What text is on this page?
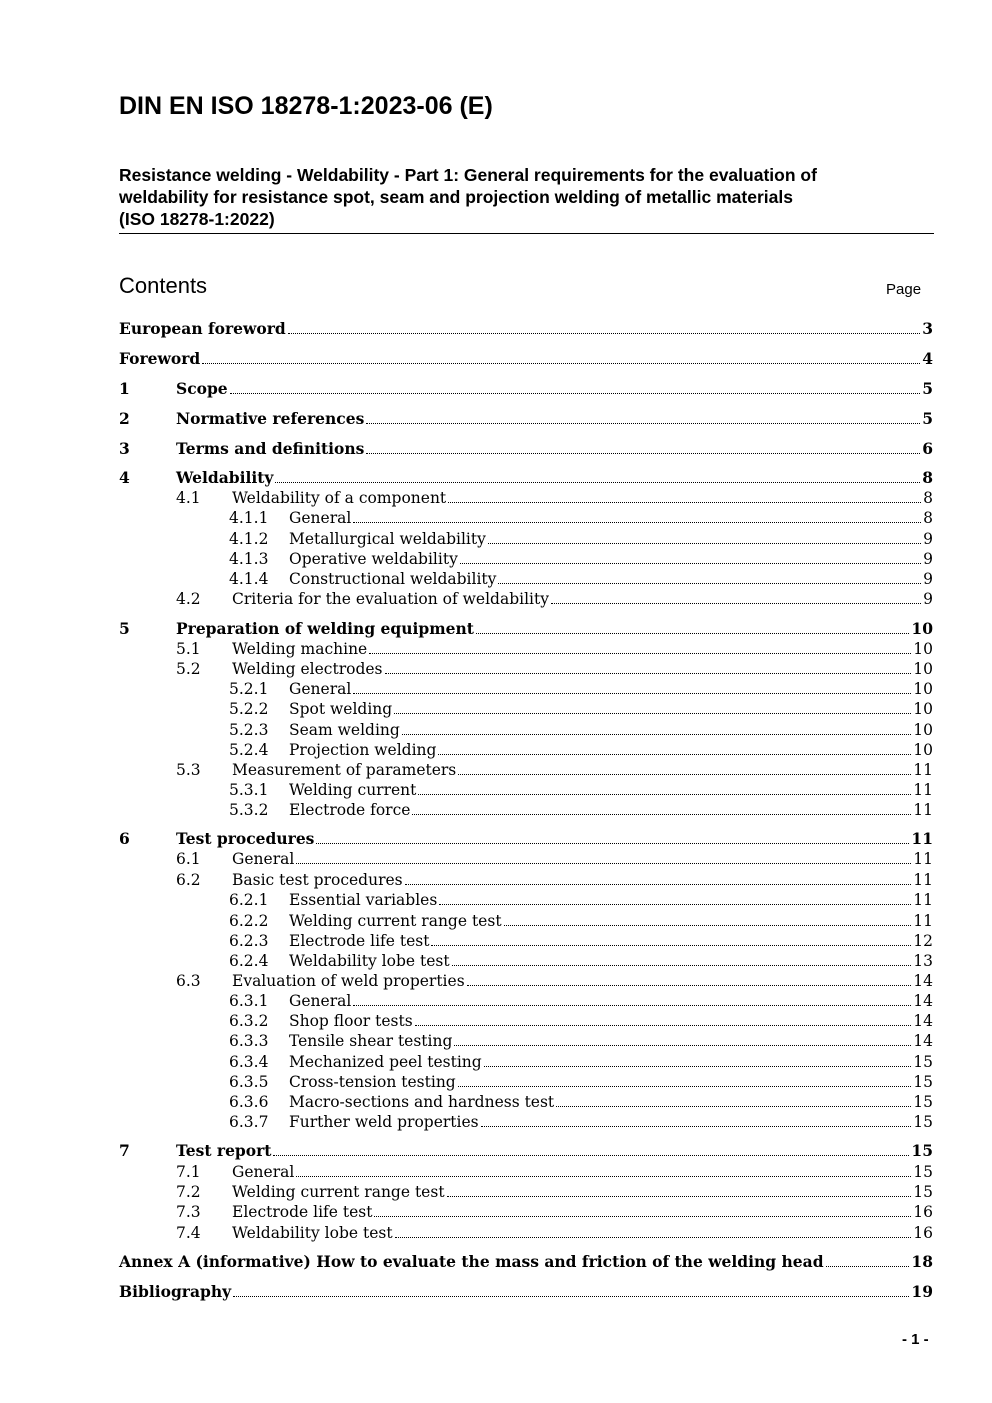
DIN EN ISO 18278-1:2023-06 (E)
Resistance welding - Weldability - Part 1: General requirements for the evaluation of
weldability for resistance spot, seam and projection welding of metallic materials
(ISO 18278-1:2022)
Contents	Page
European foreword	3
Foreword	4
1	Scope	5
2	Normative references	5
3	Terms and definitions	6
4	Weldability	8
4.1 Weldability of a component	8
4.1.1 General	8
4.1.2 Metallurgical weldability	9
4.1.3 Operative weldability	9
4.1.4 Constructional weldability	9
4.2 Criteria for the evaluation of weldability	9
5	Preparation of welding equipment	10
5.1 Welding machine	10
5.2 Welding electrodes	10
5.2.1 General	10
5.2.2 Spot welding	10
5.2.3 Seam welding	10
5.2.4 Projection welding	10
5.3 Measurement of parameters	11
5.3.1 Welding current	11
5.3.2 Electrode force	11
6	Test procedures	11
6.1 General	11
6.2 Basic test procedures	11
6.2.1 Essential variables	11
6.2.2 Welding current range test	11
6.2.3 Electrode life test	12
6.2.4 Weldability lobe test	13
6.3 Evaluation of weld properties	14
6.3.1 General	14
6.3.2 Shop floor tests	14
6.3.3 Tensile shear testing	14
6.3.4 Mechanized peel testing	15
6.3.5 Cross-tension testing	15
6.3.6 Macro-sections and hardness test	15
6.3.7 Further weld properties	15
7	Test report	15
7.1 General	15
7.2 Welding current range test	15
7.3 Electrode life test	16
7.4 Weldability lobe test	16
Annex A (informative) How to evaluate the mass and friction of the welding head	18
Bibliography	19
- 1 -
